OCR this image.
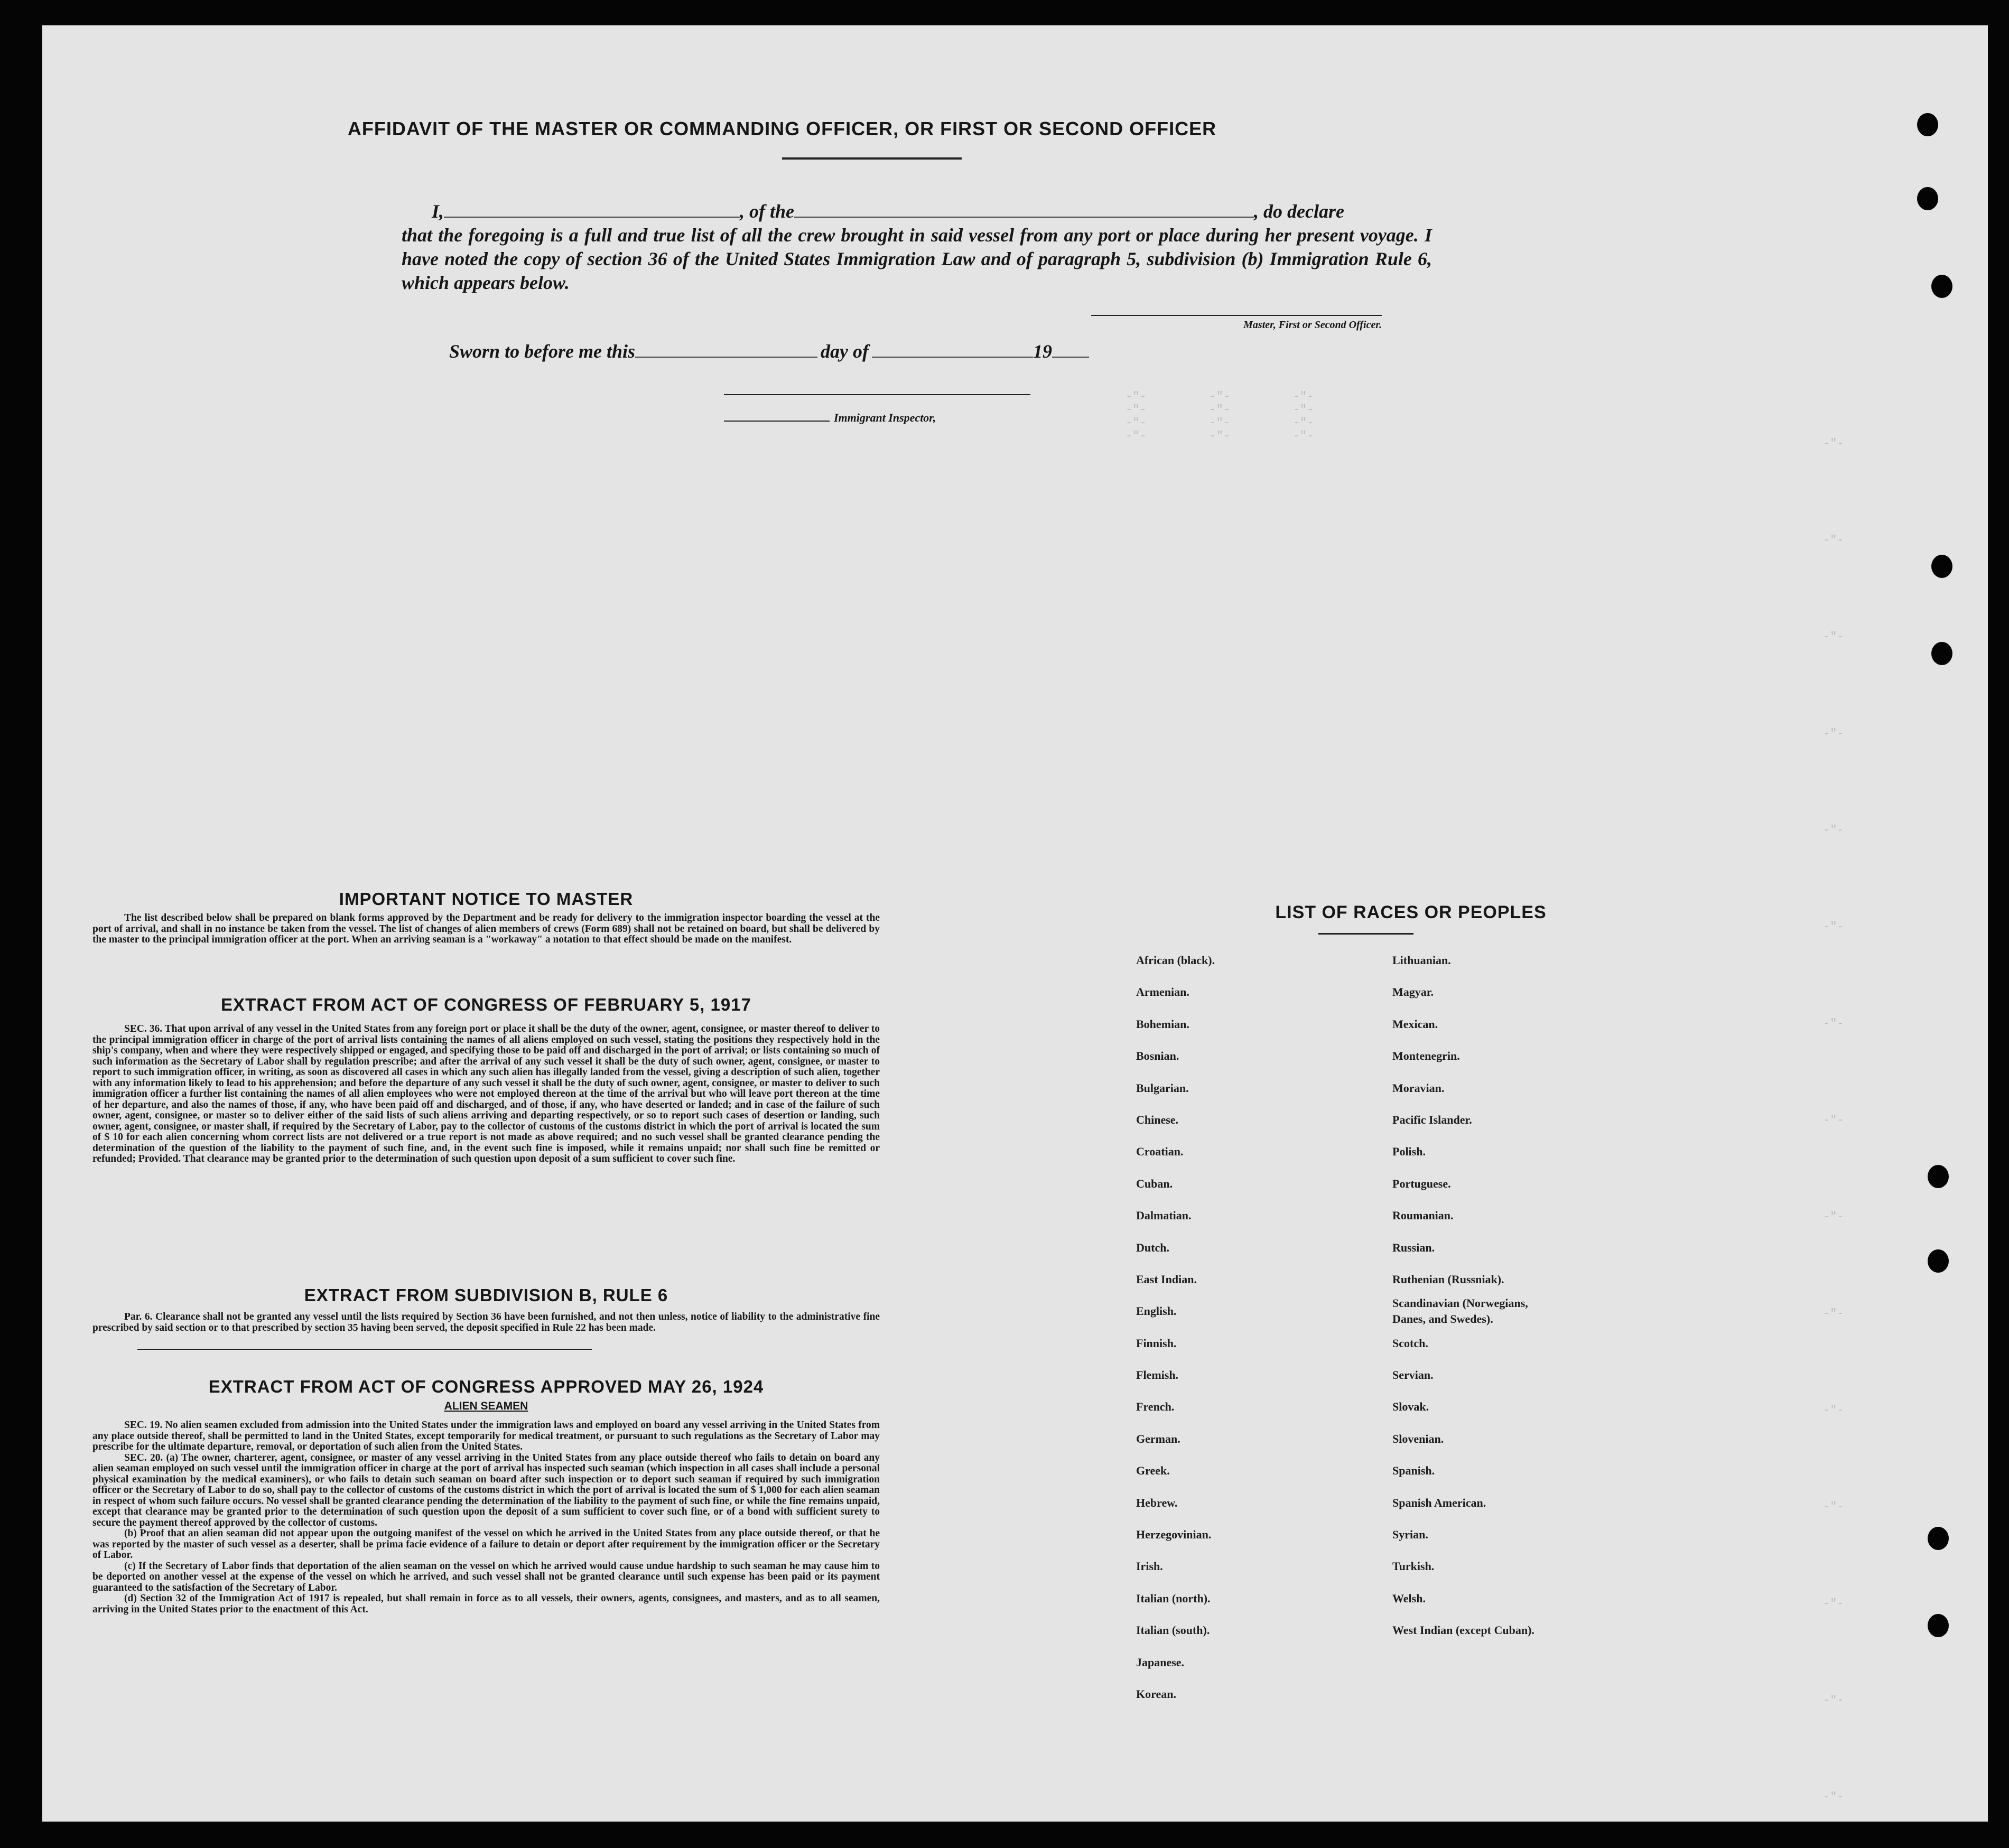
-"-         -"-         -"-
-"-         -"-         -"-
-"-         -"-         -"-
-"-         -"-         -"-
-"-
-"-
-"-
-"-
-"-
-"-
-"-
-"-
-"-
-"-
-"-
-"-
-"-
-"-
-"-
AFFIDAVIT OF THE MASTER OR COMMANDING OFFICER, OR FIRST OR SECOND OFFICER
I,	, of the	, do declare
that the foregoing is a full and true list of all the crew brought in said vessel from any port or place during her present voyage. I have noted the copy of section 36 of the United States Immigration Law and of paragraph 5, subdivision (b) Immigration Rule 6, which appears below.
Master, First or Second Officer.
Sworn to before me this	day of	19
Immigrant Inspector,
IMPORTANT NOTICE TO MASTER

The list described below shall be prepared on blank forms approved by the Department and be ready for delivery to the immigration inspector boarding the vessel at the port of arrival, and shall in no instance be taken from the vessel. The list of changes of alien members of crews (Form 689) shall not be retained on board, but shall be delivered by the master to the principal immigration officer at the port. When an arriving seaman is a "workaway" a notation to that effect should be made on the manifest.

EXTRACT FROM ACT OF CONGRESS OF FEBRUARY 5, 1917

SEC. 36. That upon arrival of any vessel in the United States from any foreign port or place it shall be the duty of the owner, agent, consignee, or master thereof to deliver to the principal immigration officer in charge of the port of arrival lists containing the names of all aliens employed on such vessel, stating the positions they respectively hold in the ship's company, when and where they were respectively shipped or engaged, and specifying those to be paid off and discharged in the port of arrival; or lists containing so much of such information as the Secretary of Labor shall by regulation prescribe; and after the arrival of any such vessel it shall be the duty of such owner, agent, consignee, or master to report to such immigration officer, in writing, as soon as discovered all cases in which any such alien has illegally landed from the vessel, giving a description of such alien, together with any information likely to lead to his apprehension; and before the departure of any such vessel it shall be the duty of such owner, agent, consignee, or master to deliver to such immigration officer a further list containing the names of all alien employees who were not employed thereon at the time of the arrival but who will leave port thereon at the time of her departure, and also the names of those, if any, who have been paid off and discharged, and of those, if any, who have deserted or landed; and in case of the failure of such owner, agent, consignee, or master so to deliver either of the said lists of such aliens arriving and departing respectively, or so to report such cases of desertion or landing, such owner, agent, consignee, or master shall, if required by the Secretary of Labor, pay to the collector of customs of the customs district in which the port of arrival is located the sum of $ 10 for each alien concerning whom correct lists are not delivered or a true report is not made as above required; and no such vessel shall be granted clearance pending the determination of the question of the liability to the payment of such fine, and, in the event such fine is imposed, while it remains unpaid; nor shall such fine be remitted or refunded; Provided. That clearance may be granted prior to the determination of such question upon deposit of a sum sufficient to cover such fine.

EXTRACT FROM SUBDIVISION B, RULE 6

Par. 6. Clearance shall not be granted any vessel until the lists required by Section 36 have been furnished, and not then unless, notice of liability to the administrative fine prescribed by said section or to that prescribed by section 35 having been served, the deposit specified in Rule 22 has been made.

EXTRACT FROM ACT OF CONGRESS APPROVED MAY 26, 1924
ALIEN SEAMEN

SEC. 19. No alien seamen excluded from admission into the United States under the immigration laws and employed on board any vessel arriving in the United States from any place outside thereof, shall be permitted to land in the United States, except temporarily for medical treatment, or pursuant to such regulations as the Secretary of Labor may prescribe for the ultimate departure, removal, or deportation of such alien from the United States.

SEC. 20. (a) The owner, charterer, agent, consignee, or master of any vessel arriving in the United States from any place outside thereof who fails to detain on board any alien seaman employed on such vessel until the immigration officer in charge at the port of arrival has inspected such seaman (which inspection in all cases shall include a personal physical examination by the medical examiners), or who fails to detain such seaman on board after such inspection or to deport such seaman if required by such immigration officer or the Secretary of Labor to do so, shall pay to the collector of customs of the customs district in which the port of arrival is located the sum of $ 1,000 for each alien seaman in respect of whom such failure occurs. No vessel shall be granted clearance pending the determination of the liability to the payment of such fine, or while the fine remains unpaid, except that clearance may be granted prior to the determination of such question upon the deposit of a sum sufficient to cover such fine, or of a bond with sufficient surety to secure the payment thereof approved by the collector of customs.

(b) Proof that an alien seaman did not appear upon the outgoing manifest of the vessel on which he arrived in the United States from any place outside thereof, or that he was reported by the master of such vessel as a deserter, shall be prima facie evidence of a failure to detain or deport after requirement by the immigration officer or the Secretary of Labor.

(c) If the Secretary of Labor finds that deportation of the alien seaman on the vessel on which he arrived would cause undue hardship to such seaman he may cause him to be deported on another vessel at the expense of the vessel on which he arrived, and such vessel shall not be granted clearance until such expense has been paid or its payment guaranteed to the satisfaction of the Secretary of Labor.

(d) Section 32 of the Immigration Act of 1917 is repealed, but shall remain in force as to all vessels, their owners, agents, consignees, and masters, and as to all seamen, arriving in the United States prior to the enactment of this Act.

LIST OF RACES OR PEOPLES
African (black).
Armenian.
Bohemian.
Bosnian.
Bulgarian.
Chinese.
Croatian.
Cuban.
Dalmatian.
Dutch.
East Indian.
English.
Finnish.
Flemish.
French.
German.
Greek.
Hebrew.
Herzegovinian.
Irish.
Italian (north).
Italian (south).
Japanese.
Korean.
Lithuanian.
Magyar.
Mexican.
Montenegrin.
Moravian.
Pacific Islander.
Polish.
Portuguese.
Roumanian.
Russian.
Ruthenian (Russniak).
Scandinavian (Norwegians,
Danes, and Swedes).
Scotch.
Servian.
Slovak.
Slovenian.
Spanish.
Spanish American.
Syrian.
Turkish.
Welsh.
West Indian (except Cuban).
